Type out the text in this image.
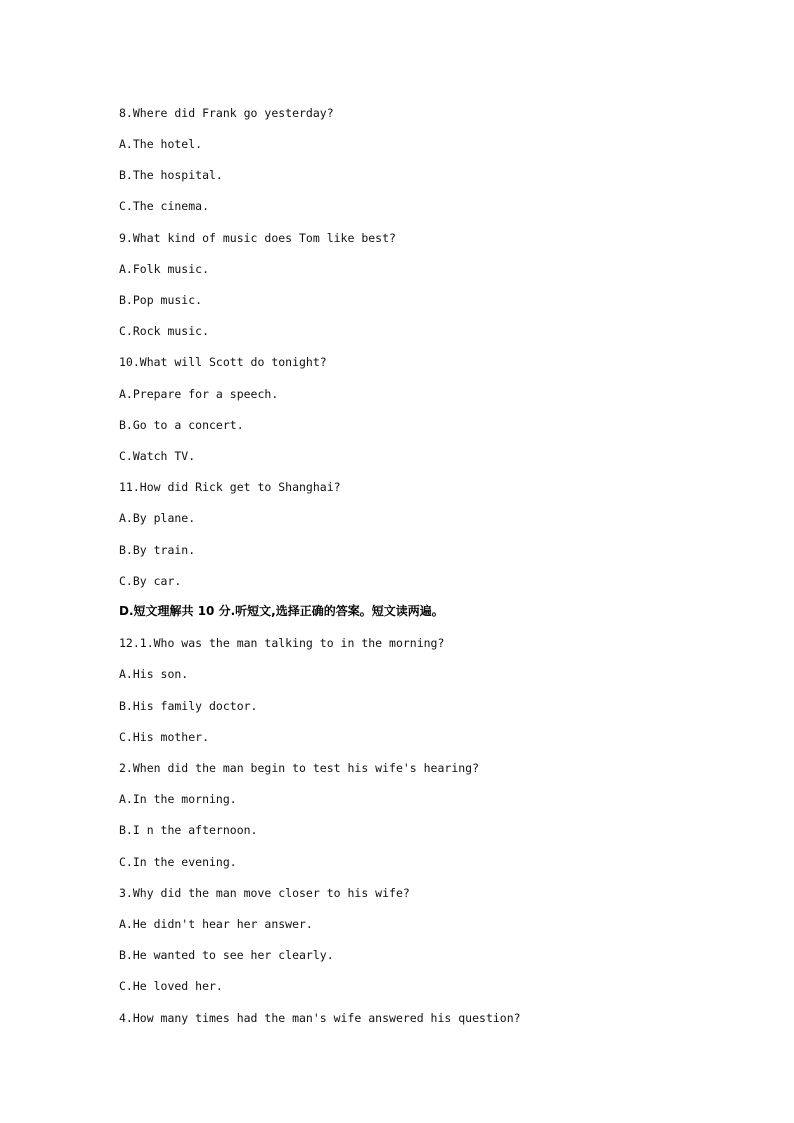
8.Where did Frank go yesterday?
A.The hotel.
B.The hospital.
C.The cinema.
9.What kind of music does Tom like best?
A.Folk music.
B.Pop music.
C.Rock music.
10.What will Scott do tonight?
A.Prepare for a speech.
B.Go to a concert.
C.Watch TV.
11.How did Rick get to Shanghai?
A.By plane.
B.By train.
C.By car.
D.短文理解共 10 分.听短文,选择正确的答案。短文读两遍。
12.1.Who was the man talking to in the morning?
A.His son.
B.His family doctor.
C.His mother.
2.When did the man begin to test his wife's hearing?
A.In the morning.
B.I n the afternoon.
C.In the evening.
3.Why did the man move closer to his wife?
A.He didn't hear her answer.
B.He wanted to see her clearly.
C.He loved her.
4.How many times had the man's wife answered his question?
